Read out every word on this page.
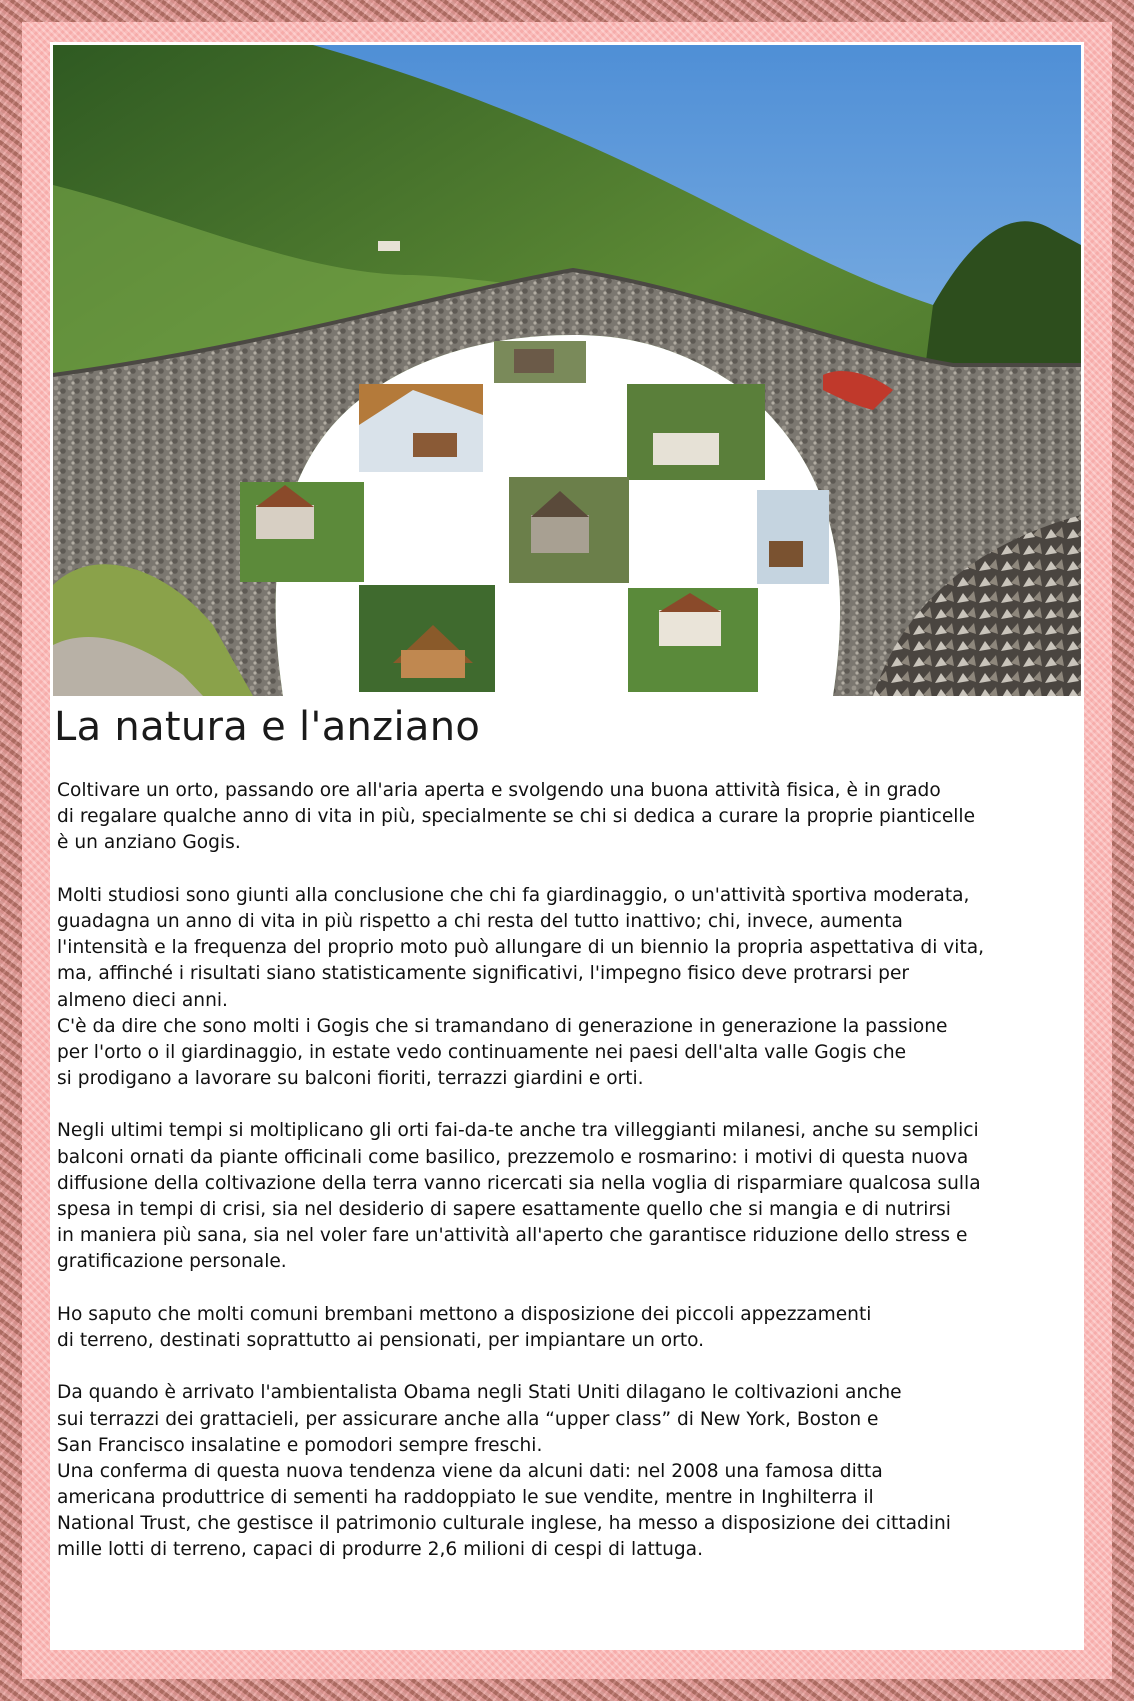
La natura e l'anziano
Coltivare un orto, passando ore all'aria aperta e svolgendo una buona attività fisica, è in grado
di regalare qualche anno di vita in più, specialmente se chi si dedica a curare la proprie pianticelle
è un anziano Gogis.
Molti studiosi sono giunti alla conclusione che chi fa giardinaggio, o un'attività sportiva moderata,
guadagna un anno di vita in più rispetto a chi resta del tutto inattivo; chi, invece, aumenta
l'intensità e la frequenza del proprio moto può allungare di un biennio la propria aspettativa di vita,
ma, affinché i risultati siano statisticamente significativi, l'impegno fisico deve protrarsi per
almeno dieci anni.
C'è da dire che sono molti i Gogis che si tramandano di generazione in generazione la passione
per l'orto o il giardinaggio, in estate vedo continuamente nei paesi dell'alta valle Gogis che
si prodigano a lavorare su balconi fioriti, terrazzi giardini e orti.
Negli ultimi tempi si moltiplicano gli orti fai-da-te anche tra villeggianti milanesi, anche su semplici
balconi ornati da piante officinali come basilico, prezzemolo e rosmarino: i motivi di questa nuova
diffusione della coltivazione della terra vanno ricercati sia nella voglia di risparmiare qualcosa sulla
spesa in tempi di crisi, sia nel desiderio di sapere esattamente quello che si mangia e di nutrirsi
in maniera più sana, sia nel voler fare un'attività all'aperto che garantisce riduzione dello stress e
gratificazione personale.
Ho saputo che molti comuni brembani mettono a disposizione dei piccoli appezzamenti
di terreno, destinati soprattutto ai pensionati, per impiantare un orto.
Da quando è arrivato l'ambientalista Obama negli Stati Uniti dilagano le coltivazioni anche
sui terrazzi dei grattacieli, per assicurare anche alla “upper class” di New York, Boston e
San Francisco insalatine e pomodori sempre freschi.
Una conferma di questa nuova tendenza viene da alcuni dati: nel 2008 una famosa ditta
americana produttrice di sementi ha raddoppiato le sue vendite, mentre in Inghilterra il
National Trust, che gestisce il patrimonio culturale inglese, ha messo a disposizione dei cittadini
mille lotti di terreno, capaci di produrre 2,6 milioni di cespi di lattuga.
